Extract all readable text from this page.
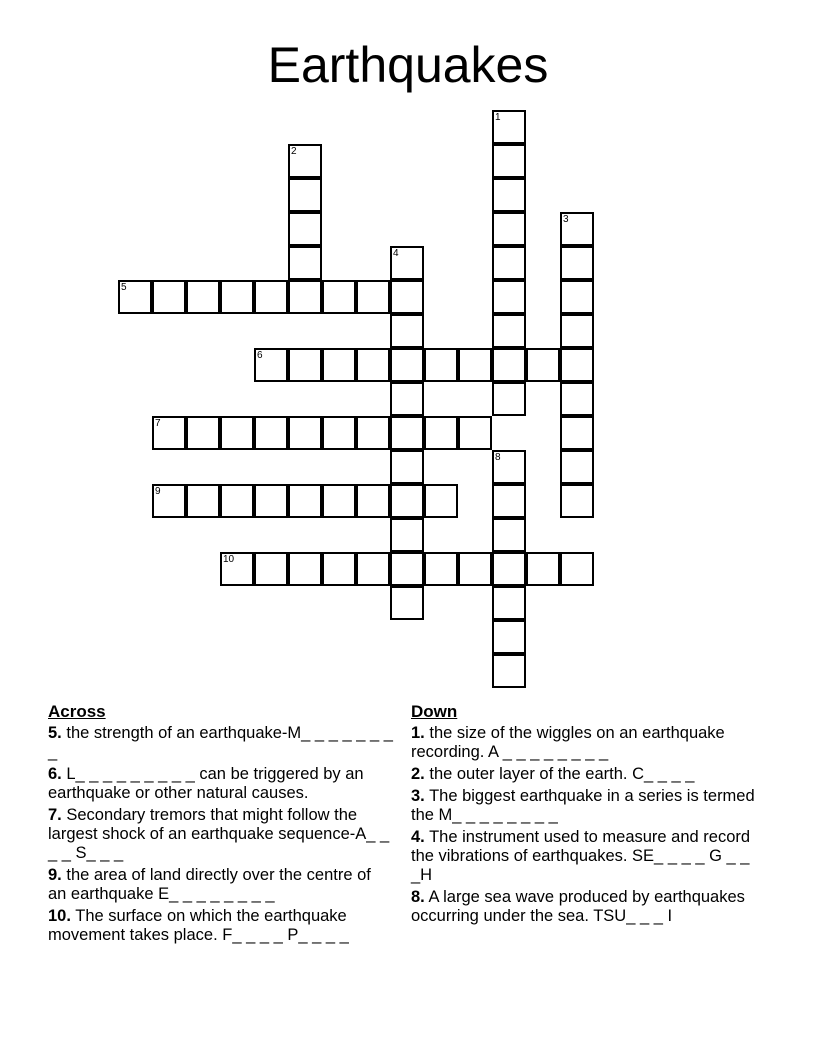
Earthquakes
1
2
3
4
5
6
7
8
9
10
Across
5. the strength of an earthquake-M_ _ _ _ _ _ _ _
6. L_ _ _ _ _ _ _ _ _ can be triggered by an earthquake or other natural causes.
7. Secondary tremors that might follow the largest shock of an earthquake sequence-A_ _ _ _ S_ _ _
9. the area of land directly over the centre of an earthquake E_ _ _ _ _ _ _ _
10. The surface on which the earthquake movement takes place. F_ _ _ _ P_ _ _ _
Down
1. the size of the wiggles on an earthquake recording. A _ _ _ _ _ _ _ _
2. the outer layer of the earth. C_ _ _ _
3. The biggest earthquake in a series is termed the M_ _ _ _ _ _ _ _
4. The instrument used to measure and record the vibrations of earthquakes. SE_ _ _ _ G _ _ _H
8. A large sea wave produced by earthquakes occurring under the sea. TSU_ _ _ I
